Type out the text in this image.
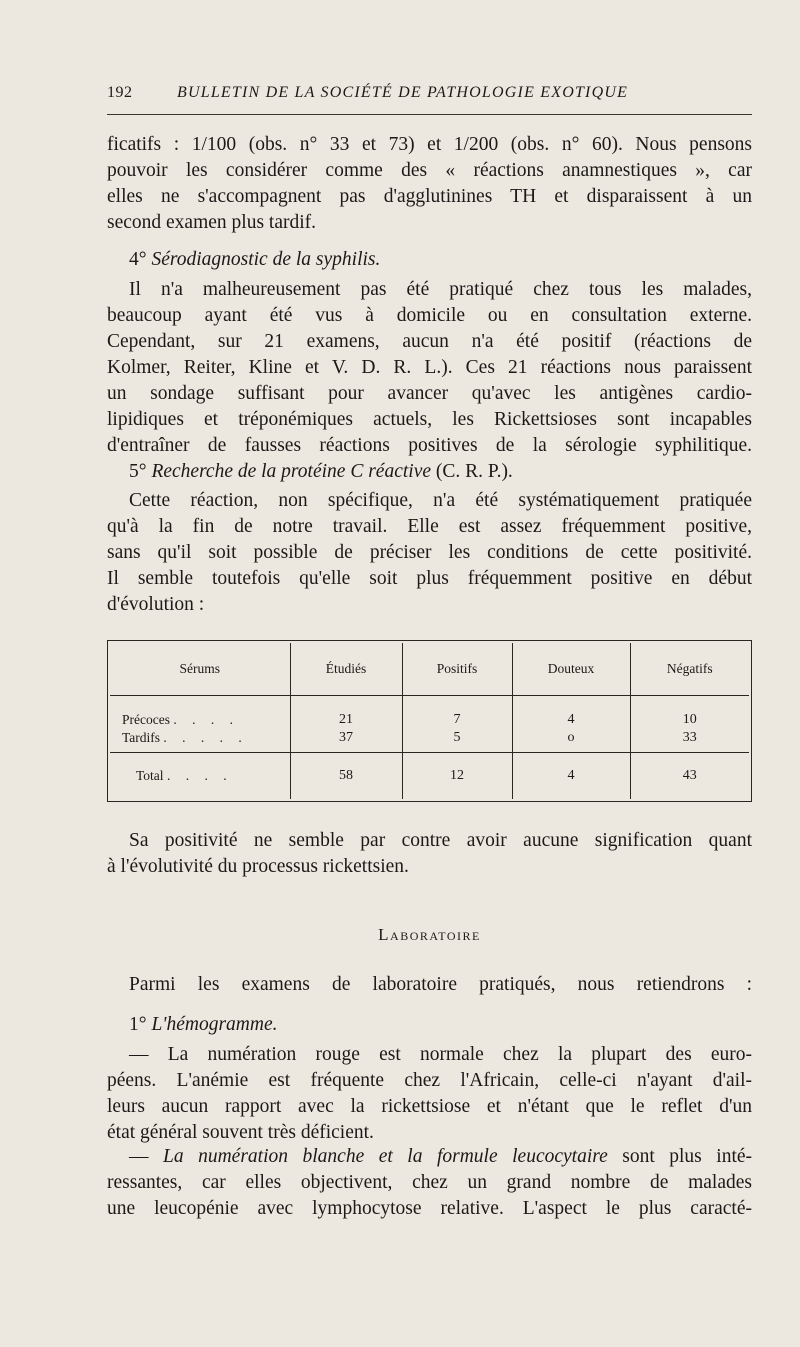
192	BULLETIN DE LA SOCIÉTÉ DE PATHOLOGIE EXOTIQUE

ficatifs : 1/100 (obs. n° 33 et 73) et 1/200 (obs. n° 60). Nous pensons

pouvoir les considérer comme des « réactions anamnestiques », car

elles ne s'accompagnent pas d'agglutinines TH et disparaissent à un

second examen plus tardif.

4° Sérodiagnostic de la syphilis.

Il n'a malheureusement pas été pratiqué chez tous les malades,

beaucoup ayant été vus à domicile ou en consultation externe.

Cependant, sur 21 examens, aucun n'a été positif (réactions de

Kolmer, Reiter, Kline et V. D. R. L.). Ces 21 réactions nous paraissent

un sondage suffisant pour avancer qu'avec les antigènes cardio-

lipidiques et tréponémiques actuels, les Rickettsioses sont incapables

d'entraîner de fausses réactions positives de la sérologie syphilitique.

5° Recherche de la protéine C réactive (C. R. P.).

Cette réaction, non spécifique, n'a été systématiquement pratiquée

qu'à la fin de notre travail. Elle est assez fréquemment positive,

sans qu'il soit possible de préciser les conditions de cette positivité.

Il semble toutefois qu'elle soit plus fréquemment positive en début

d'évolution :

Sérums	Étudiés	Positifs	Douteux	Négatifs
Précoces . . . .	21	7	4	10
Tardifs . . . . .	37	5	o	33
Total . . . .	58	12	4	43

Sa positivité ne semble par contre avoir aucune signification quant

à l'évolutivité du processus rickettsien.

Laboratoire

Parmi les examens de laboratoire pratiqués, nous retiendrons :

1° L'hémogramme.

— La numération rouge est normale chez la plupart des euro-

péens. L'anémie est fréquente chez l'Africain, celle-ci n'ayant d'ail-

leurs aucun rapport avec la rickettsiose et n'étant que le reflet d'un

état général souvent très déficient.

— La numération blanche et la formule leucocytaire sont plus inté-

ressantes, car elles objectivent, chez un grand nombre de malades

une leucopénie avec lymphocytose relative. L'aspect le plus caracté-
